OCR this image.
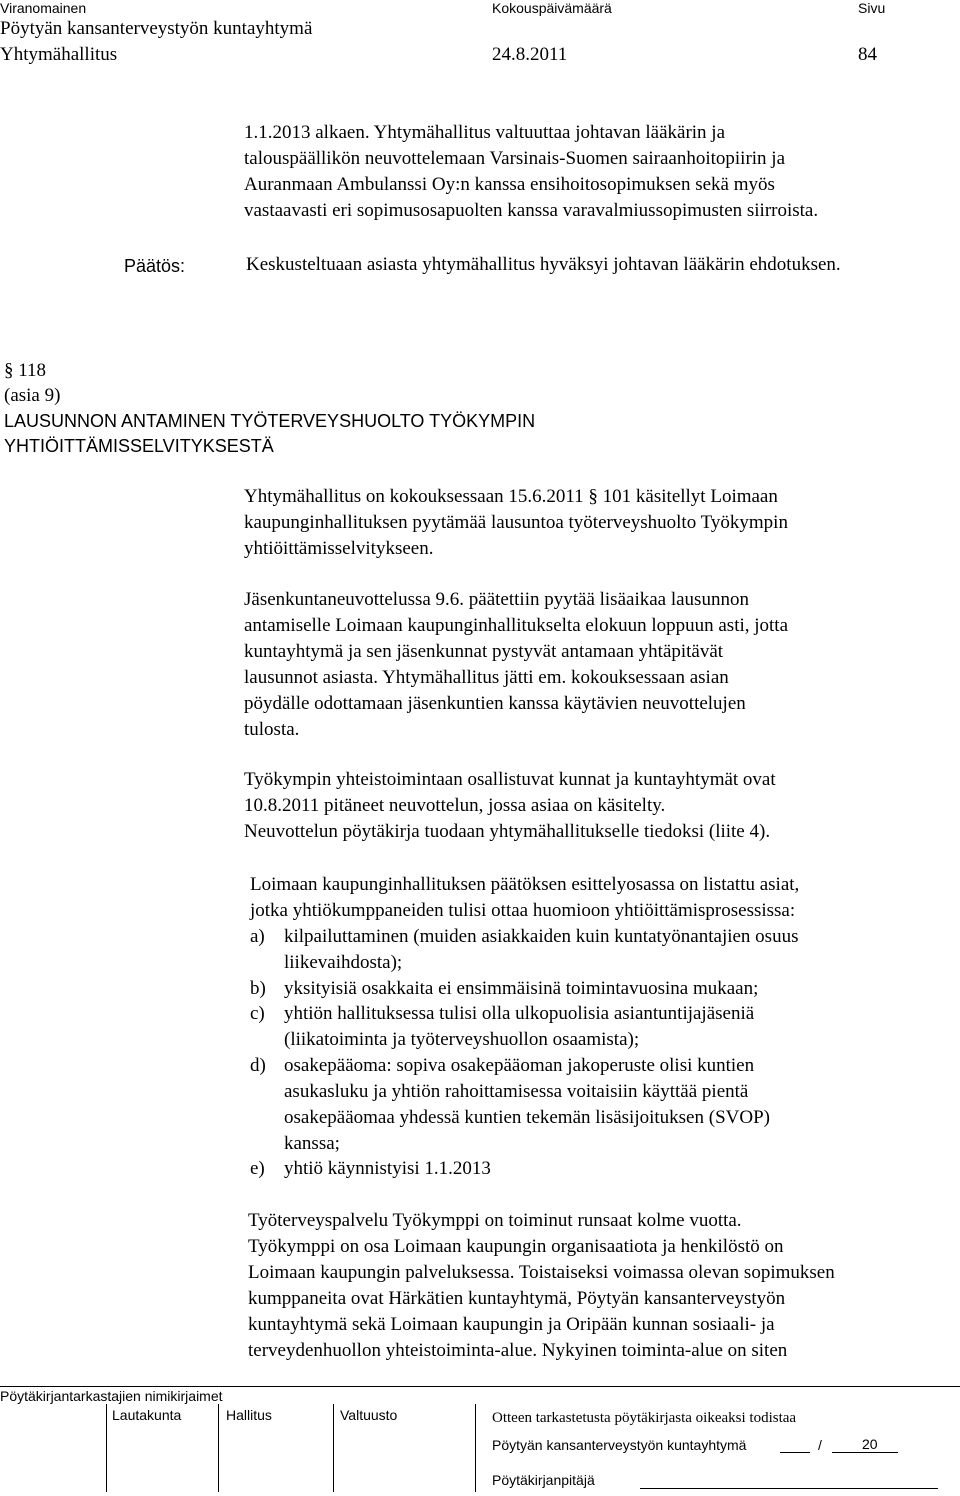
Viranomainen	Kokouspäivämäärä	Sivu
Pöytyän kansanterveystyön kuntayhtymä
Yhtymähallitus	24.8.2011	84
1.1.2013 alkaen. Yhtymähallitus valtuuttaa johtavan lääkärin ja
talouspäällikön neuvottelemaan Varsinais-Suomen sairaanhoitopiirin ja
Auranmaan Ambulanssi Oy:n kanssa ensihoitosopimuksen sekä myös
vastaavasti eri sopimusosapuolten kanssa varavalmiussopimusten siirroista.
Päätös:	Keskusteltuaan asiasta yhtymähallitus hyväksyi johtavan lääkärin ehdotuksen.
§ 118
(asia 9)
LAUSUNNON ANTAMINEN TYÖTERVEYSHUOLTO TYÖKYMPIN
YHTIÖITTÄMISSELVITYKSESTÄ
Yhtymähallitus on kokouksessaan 15.6.2011 § 101 käsitellyt Loimaan
kaupunginhallituksen pyytämää lausuntoa työterveyshuolto Työkympin
yhtiöittämisselvitykseen.
Jäsenkuntaneuvottelussa 9.6. päätettiin pyytää lisäaikaa lausunnon
antamiselle Loimaan kaupunginhallitukselta elokuun loppuun asti, jotta
kuntayhtymä ja sen jäsenkunnat pystyvät antamaan yhtäpitävät
lausunnot asiasta. Yhtymähallitus jätti em. kokouksessaan asian
pöydälle odottamaan jäsenkuntien kanssa käytävien neuvottelujen
tulosta.
Työkympin yhteistoimintaan osallistuvat kunnat ja kuntayhtymät ovat
10.8.2011 pitäneet neuvottelun, jossa asiaa on käsitelty.
Neuvottelun pöytäkirja tuodaan yhtymähallitukselle tiedoksi (liite 4).
Loimaan kaupunginhallituksen päätöksen esittelyosassa on listattu asiat,
jotka yhtiökumppaneiden tulisi ottaa huomioon yhtiöittämisprosessissa:
a) kilpailuttaminen (muiden asiakkaiden kuin kuntatyönantajien osuus
liikevaihdosta);
b) yksityisiä osakkaita ei ensimmäisinä toimintavuosina mukaan;
c) yhtiön hallituksessa tulisi olla ulkopuolisia asiantuntijajäseniä
(liikatoiminta ja työterveyshuollon osaamista);
d) osakepääoma: sopiva osakepääoman jakoperuste olisi kuntien
asukasluku ja yhtiön rahoittamisessa voitaisiin käyttää pientä
osakepääomaa yhdessä kuntien tekemän lisäsijoituksen (SVOP)
kanssa;
e) yhtiö käynnistyisi 1.1.2013
Työterveyspalvelu Työkymppi on toiminut runsaat kolme vuotta.
Työkymppi on osa Loimaan kaupungin organisaatiota ja henkilöstö on
Loimaan kaupungin palveluksessa. Toistaiseksi voimassa olevan sopimuksen
kumppaneita ovat Härkätien kuntayhtymä, Pöytyän kansanterveystyön
kuntayhtymä sekä Loimaan kaupungin ja Oripään kunnan sosiaali- ja
terveydenhuollon yhteistoiminta-alue. Nykyinen toiminta-alue on siten
Pöytäkirjantarkastajien nimikirjaimet
Lautakunta	Hallitus	Valtuusto	Otteen tarkastetusta pöytäkirjasta oikeaksi todistaa
Pöytyän kansanterveystyön kuntayhtymä	/	20
Pöytäkirjanpitäjä
